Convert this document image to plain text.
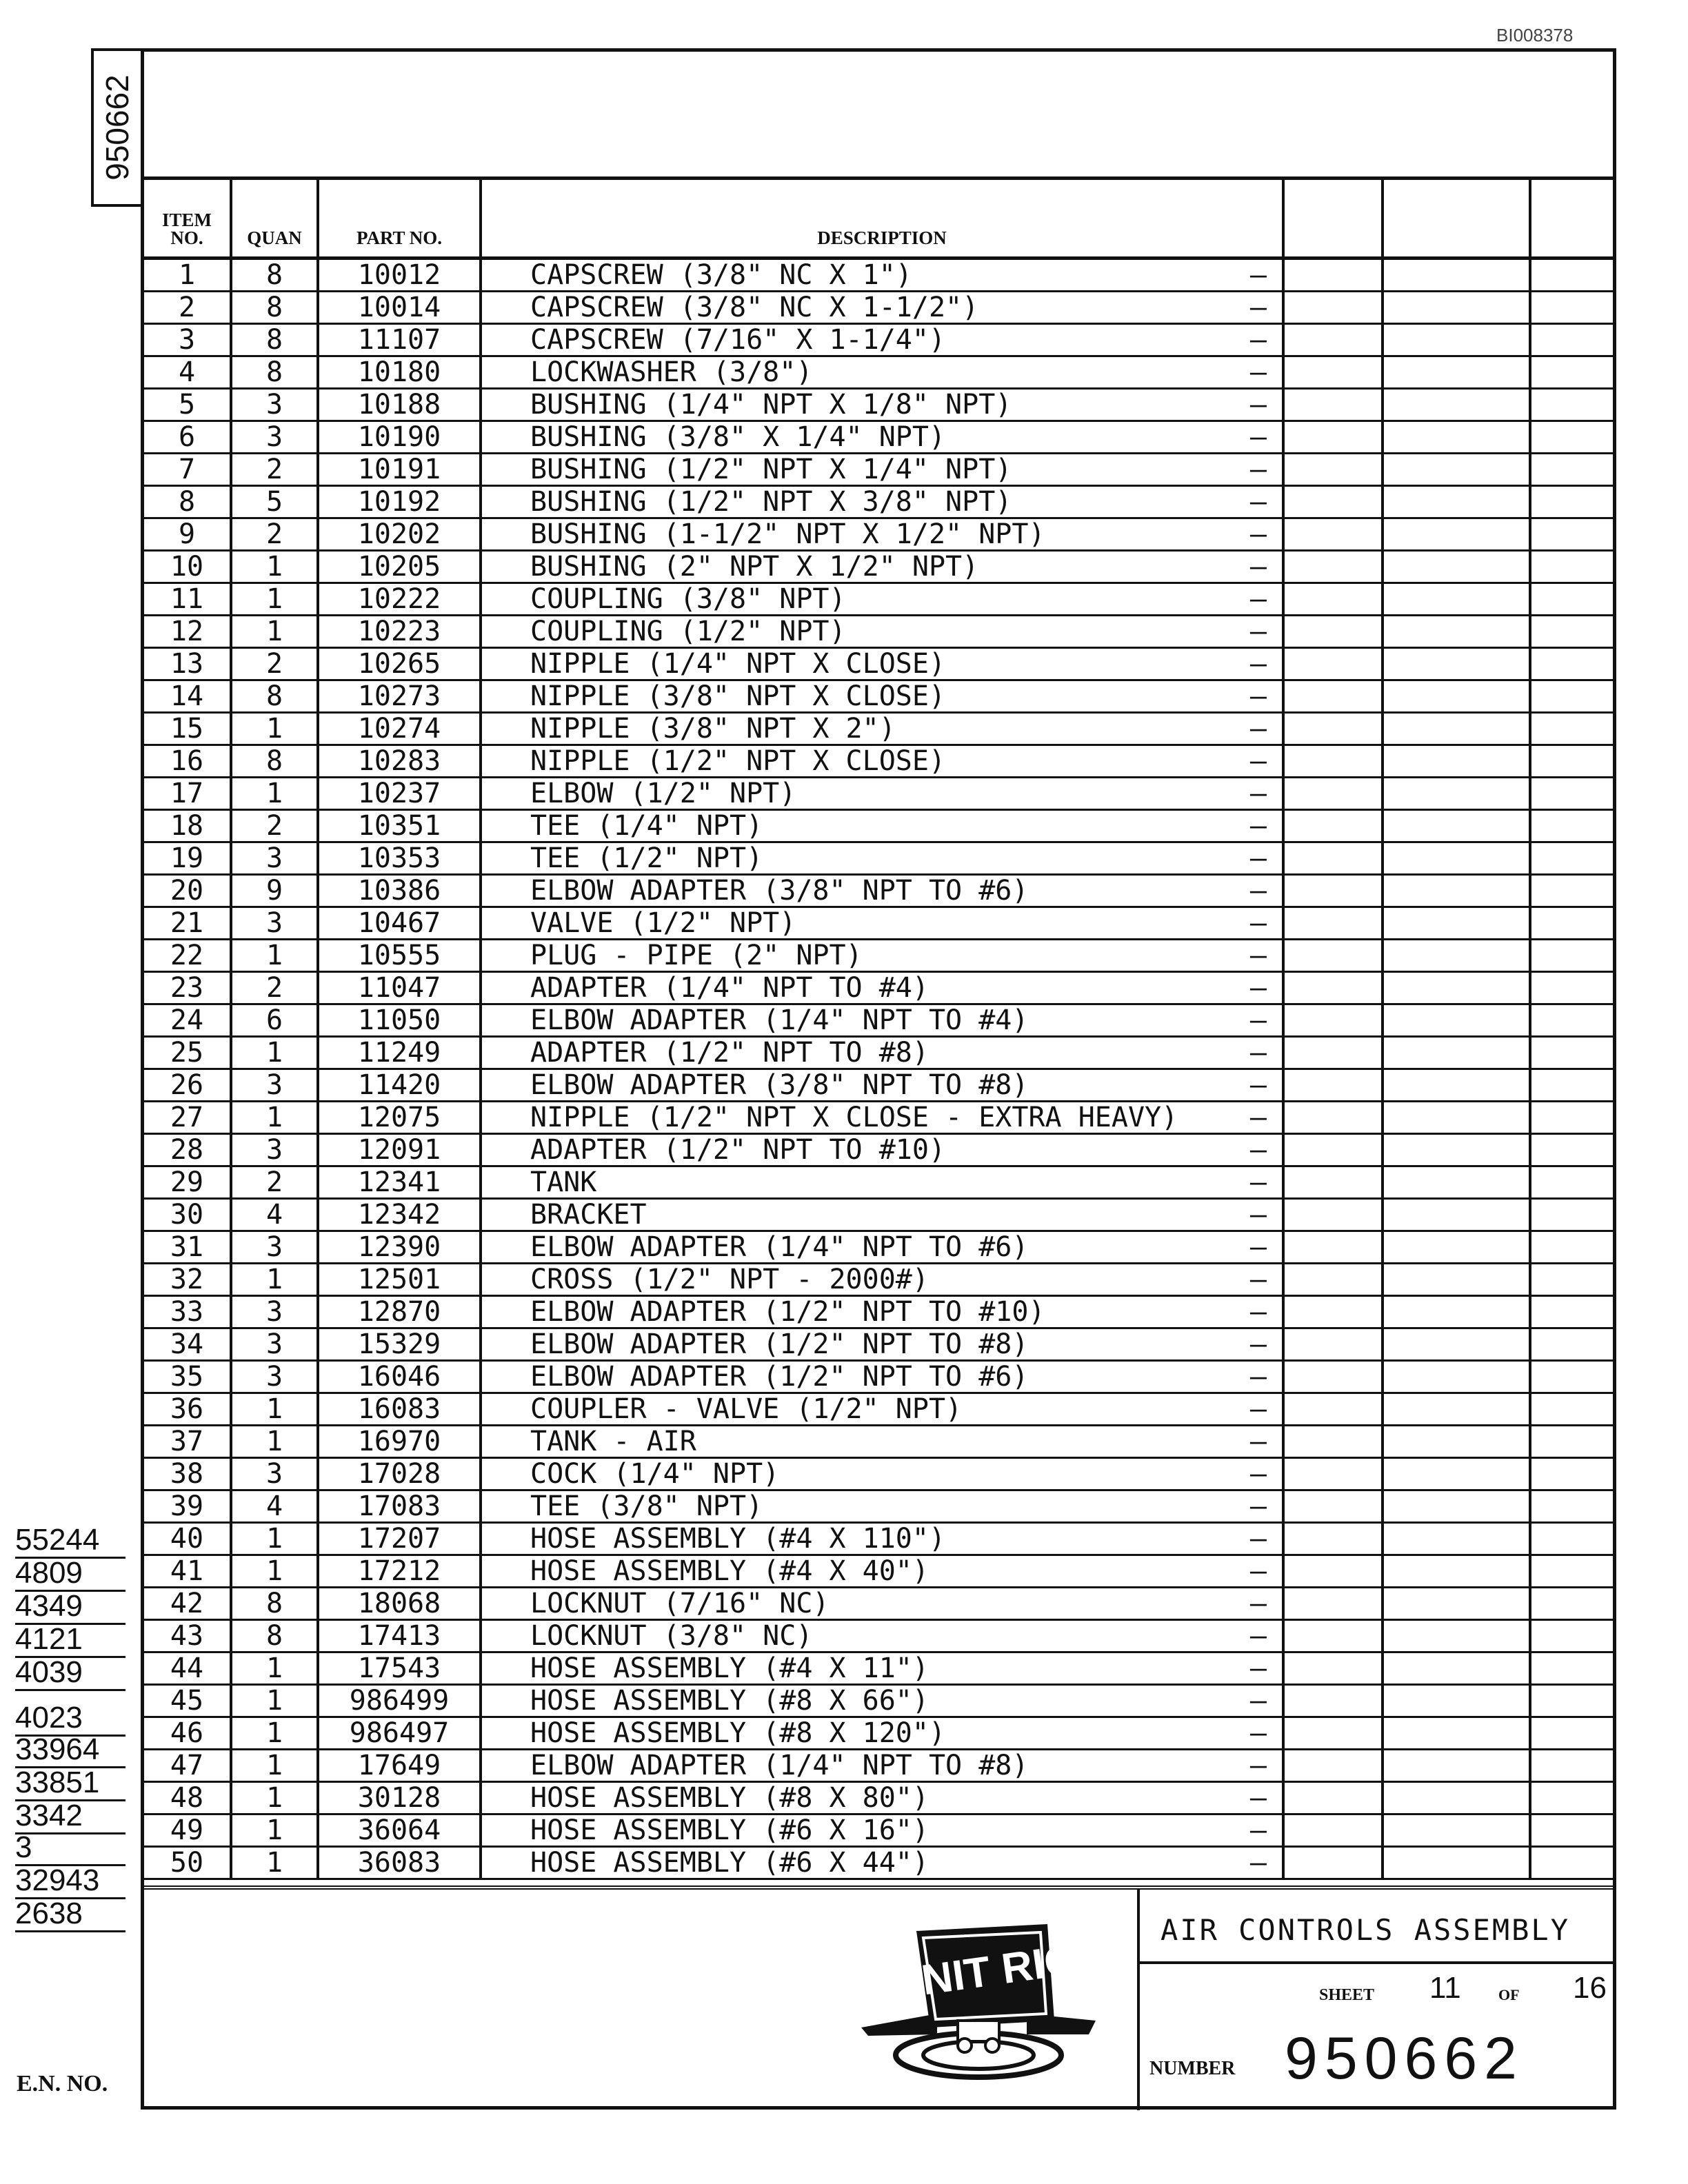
BI008378
950662
ITEM NO.	QUAN	PART NO.	DESCRIPTION			
1	8	10012	CAPSCREW (3/8" NC X 1") —			

2	8	10014	CAPSCREW (3/8" NC X 1-1/2") —			

3	8	11107	CAPSCREW (7/16" X 1-1/4") —			

4	8	10180	LOCKWASHER (3/8") —			

5	3	10188	BUSHING (1/4" NPT X 1/8" NPT) —			

6	3	10190	BUSHING (3/8" X 1/4" NPT) —			

7	2	10191	BUSHING (1/2" NPT X 1/4" NPT) —			

8	5	10192	BUSHING (1/2" NPT X 3/8" NPT) —			

9	2	10202	BUSHING (1-1/2" NPT X 1/2" NPT) —			

10	1	10205	BUSHING (2" NPT X 1/2" NPT) —			

11	1	10222	COUPLING (3/8" NPT) —			

12	1	10223	COUPLING (1/2" NPT) —			

13	2	10265	NIPPLE (1/4" NPT X CLOSE) —			

14	8	10273	NIPPLE (3/8" NPT X CLOSE) —			

15	1	10274	NIPPLE (3/8" NPT X 2") —			

16	8	10283	NIPPLE (1/2" NPT X CLOSE) —			

17	1	10237	ELBOW (1/2" NPT) —			

18	2	10351	TEE (1/4" NPT) —			

19	3	10353	TEE (1/2" NPT) —			

20	9	10386	ELBOW ADAPTER (3/8" NPT TO #6) —			

21	3	10467	VALVE (1/2" NPT) —			

22	1	10555	PLUG - PIPE (2" NPT) —			

23	2	11047	ADAPTER (1/4" NPT TO #4) —			

24	6	11050	ELBOW ADAPTER (1/4" NPT TO #4) —			

25	1	11249	ADAPTER (1/2" NPT TO #8) —			

26	3	11420	ELBOW ADAPTER (3/8" NPT TO #8) —			

27	1	12075	NIPPLE (1/2" NPT X CLOSE - EXTRA HEAVY) —			

28	3	12091	ADAPTER (1/2" NPT TO #10) —			

29	2	12341	TANK —			

30	4	12342	BRACKET —			

31	3	12390	ELBOW ADAPTER (1/4" NPT TO #6) —			

32	1	12501	CROSS (1/2" NPT - 2000#) —			

33	3	12870	ELBOW ADAPTER (1/2" NPT TO #10) —			

34	3	15329	ELBOW ADAPTER (1/2" NPT TO #8) —			

35	3	16046	ELBOW ADAPTER (1/2" NPT TO #6) —			

36	1	16083	COUPLER - VALVE (1/2" NPT) —			

37	1	16970	TANK - AIR —			

38	3	17028	COCK (1/4" NPT) —			

39	4	17083	TEE (3/8" NPT) —			

40	1	17207	HOSE ASSEMBLY (#4 X 110") —			

41	1	17212	HOSE ASSEMBLY (#4 X 40") —			

42	8	18068	LOCKNUT (7/16" NC) —			

43	8	17413	LOCKNUT (3/8" NC) —			

44	1	17543	HOSE ASSEMBLY (#4 X 11") —			

45	1	986499	HOSE ASSEMBLY (#8 X 66") —			

46	1	986497	HOSE ASSEMBLY (#8 X 120") —			

47	1	17649	ELBOW ADAPTER (1/4" NPT TO #8) —			

48	1	30128	HOSE ASSEMBLY (#8 X 80") —			

49	1	36064	HOSE ASSEMBLY (#6 X 16") —			

50	1	36083	HOSE ASSEMBLY (#6 X 44") —			

UNIT RIG
AIR CONTROLS ASSEMBLY
SHEET 11 OF 16
NUMBER 950662
55244
4809
4349
4121
4039
4023
33964
33851
3342
3
32943
2638
E.N. NO.
